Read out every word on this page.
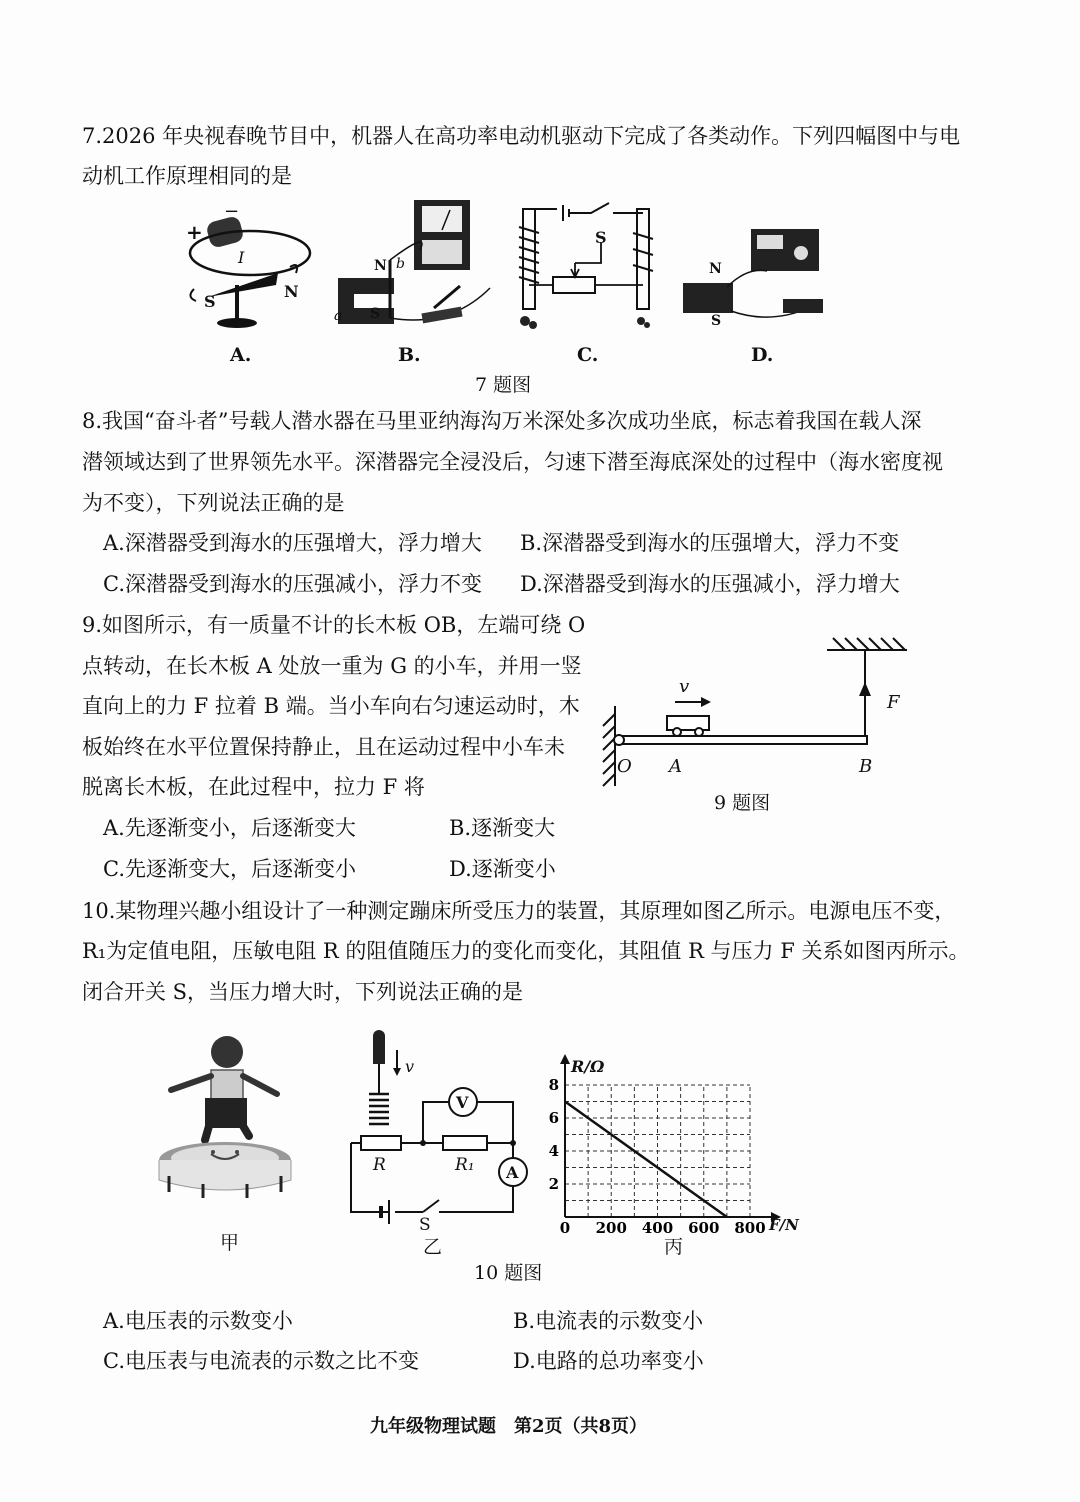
7.2026 年央视春晚节目中，机器人在高功率电动机驱动下完成了各类动作。下列四幅图中与电
动机工作原理相同的是
−
+
I
S
N
N b
S
a
S
N
S
A.	B.	C.	D.
7 题图
8.我国“奋斗者”号载人潜水器在马里亚纳海沟万米深处多次成功坐底，标志着我国在载人深
潜领域达到了世界领先水平。深潜器完全浸没后，匀速下潜至海底深处的过程中（海水密度视
为不变），下列说法正确的是
A.深潜器受到海水的压强增大，浮力增大 B.深潜器受到海水的压强增大，浮力不变
C.深潜器受到海水的压强减小，浮力不变 D.深潜器受到海水的压强减小，浮力增大
9.如图所示，有一质量不计的长木板 OB，左端可绕 O
点转动，在长木板 A 处放一重为 G 的小车，并用一竖
直向上的力 F 拉着 B 端。当小车向右匀速运动时，木
板始终在水平位置保持静止，且在运动过程中小车未
脱离长木板，在此过程中，拉力 F 将
A.先逐渐变小，后逐渐变大	B.逐渐变大
C.先逐渐变大，后逐渐变小	D.逐渐变小
v
F
O A	B
9 题图
10.某物理兴趣小组设计了一种测定蹦床所受压力的装置，其原理如图乙所示。电源电压不变，
R₁为定值电阻，压敏电阻 R 的阻值随压力的变化而变化，其阻值 R 与压力 F 关系如图丙所示。
闭合开关 S，当压力增大时，下列说法正确的是
v
V
A
R	R₁
S	0 200 400 600 800
2
4
6
8
R/Ω
F/N
甲	乙	丙
10 题图
A.电压表的示数变小	B.电流表的示数变小
C.电压表与电流表的示数之比不变	D.电路的总功率变小
九年级物理试题　第2页（共8页）
